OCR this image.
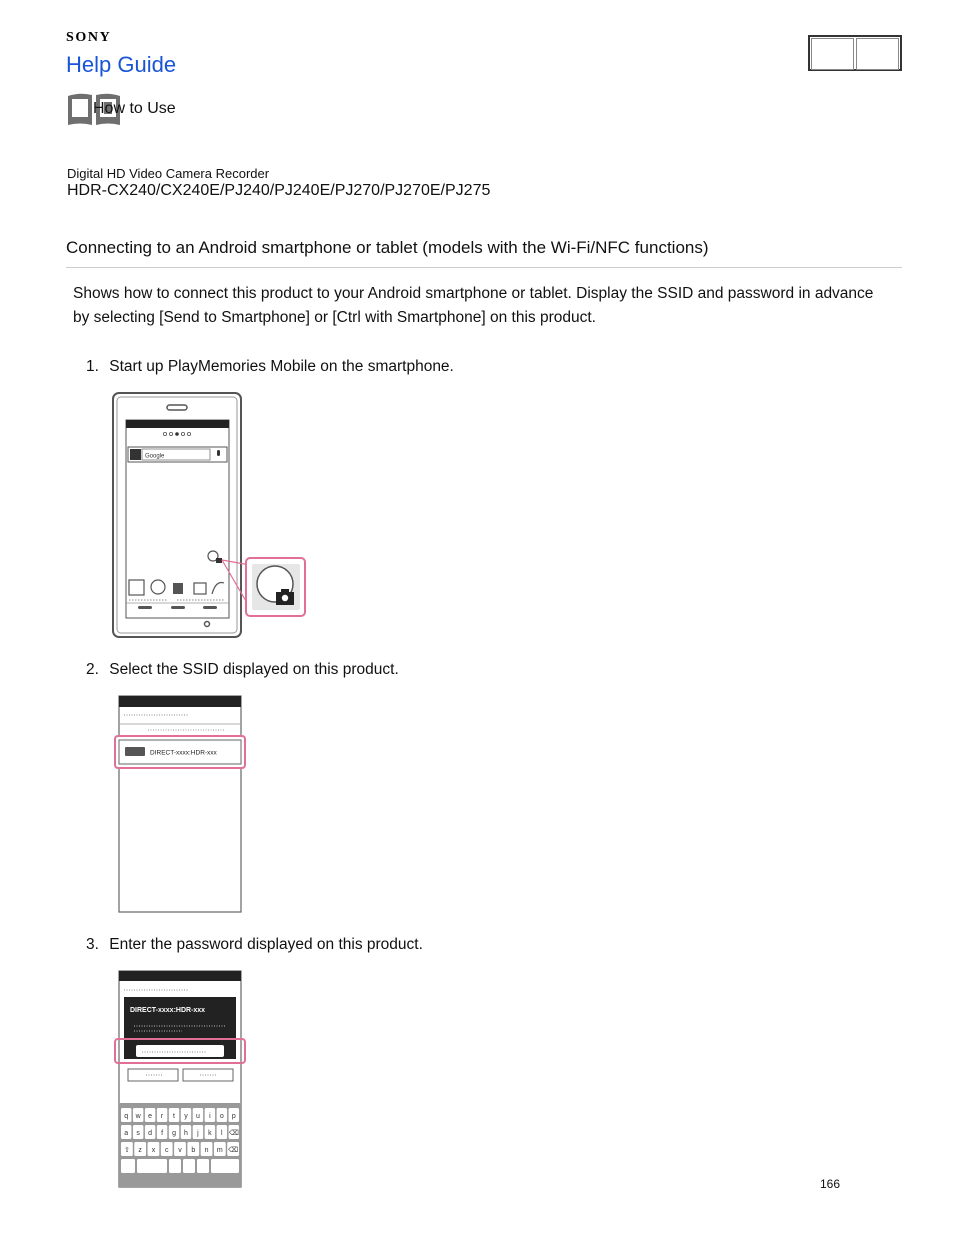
SONY
Help Guide
How to Use
Digital HD Video Camera Recorder
HDR-CX240/CX240E/PJ240/PJ240E/PJ270/PJ270E/PJ275
Connecting to an Android smartphone or tablet (models with the Wi-Fi/NFC functions)
Shows how to connect this product to your Android smartphone or tablet. Display the SSID and password in advance by selecting [Send to Smartphone] or [Ctrl with Smartphone] on this product.
1. Start up PlayMemories Mobile on the smartphone.
Google
2. Select the SSID displayed on this product.
DIRECT-xxxx:HDR-xxx
3. Enter the password displayed on this product.
DIRECT-xxxx:HDR-xxx
q w e r t y u i o p
a s d f g h j k l ⌫
⇧ z x c v b n m ⌫
166
